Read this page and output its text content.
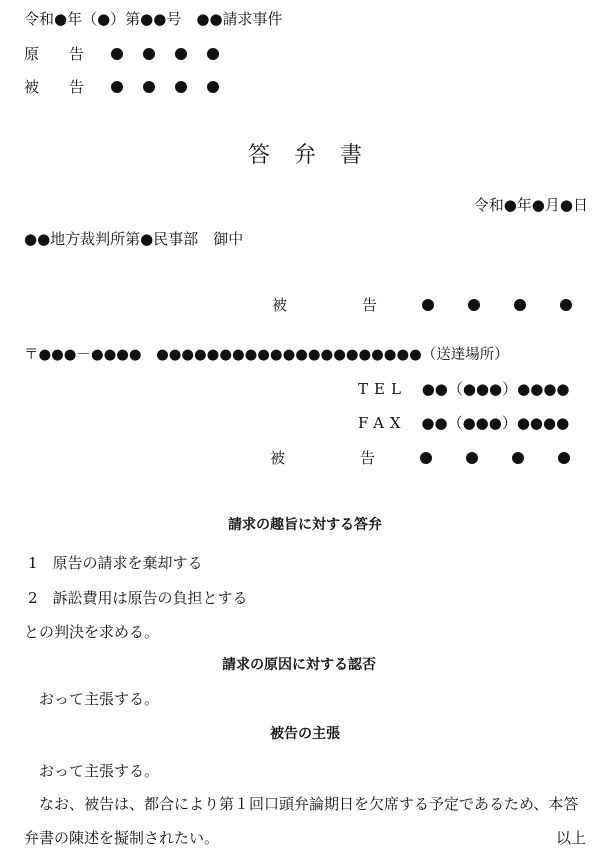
令和●年（●）第●●号　●●請求事件
原　　告
被　　告
答弁書
令和●年●月●日
●●地方裁判所第●民事部　御中
被　　　　　告
〒●●●－●●●●　●●●●●●●●●●●●●●●●●●●●●（送達場所）
TEL ●●（●●●）●●●●
FAX ●●（●●●）●●●●
被　　　　　告
請求の趣旨に対する答弁
1　原告の請求を棄却する
2　訴訟費用は原告の負担とする
との判決を求める。
請求の原因に対する認否
　おって主張する。
被告の主張
　おって主張する。
　なお、被告は、都合により第１回口頭弁論期日を欠席する予定であるため、本答
弁書の陳述を擬制されたい。	以上
